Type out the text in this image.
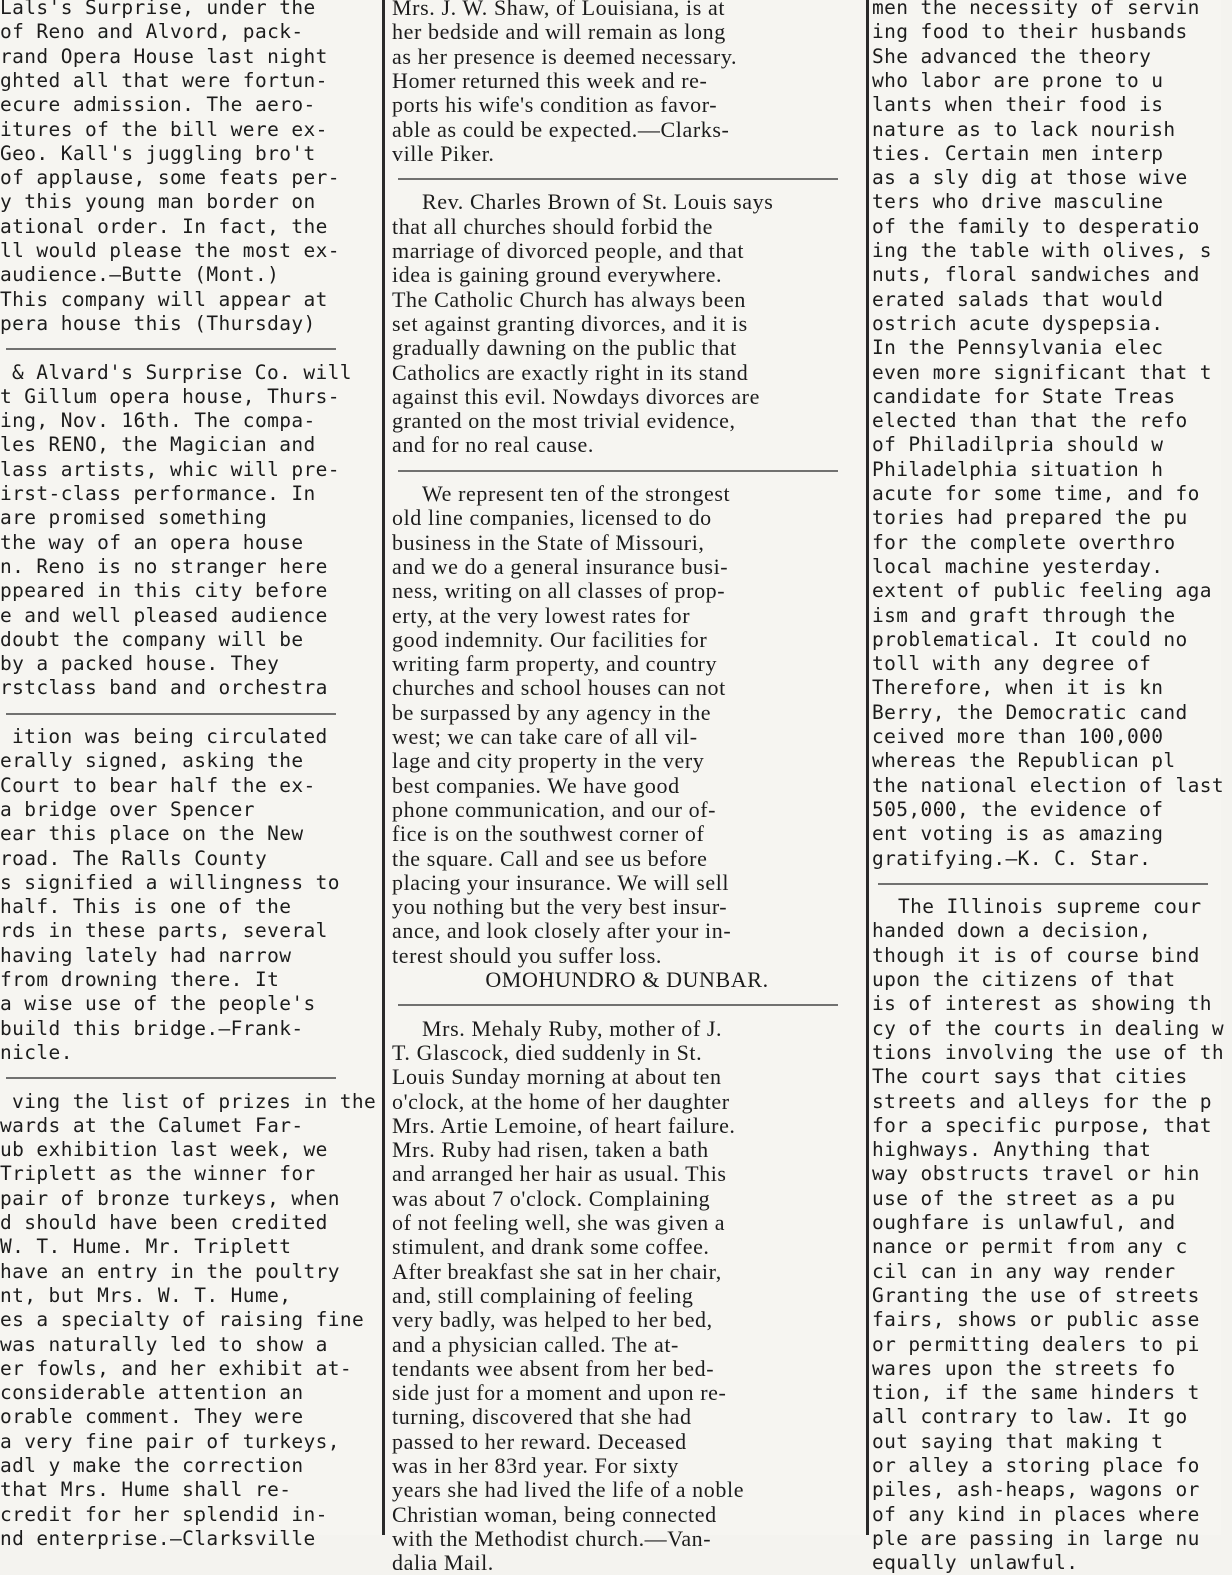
Lals's Surprise, under the
of Reno and Alvord, pack-
rand Opera House last night
ghted all that were fortun-
ecure admission. The aero-
itures of the bill were ex-
Geo. Kall's juggling bro't
of applause, some feats per-
y this young man border on
ational order. In fact, the
ll would please the most ex-
audience.—Butte (Mont.)
This company will appear at
pera house this (Thursday)
& Alvard's Surprise Co. will
t Gillum opera house, Thurs-
ing, Nov. 16th. The compa-
les RENO, the Magician and
lass artists, whic will pre-
irst-class performance. In
are promised something
the way of an opera house
n. Reno is no stranger here
ppeared in this city before
e and well pleased audience
doubt the company will be
by a packed house. They
rstclass band and orchestra
ition was being circulated
erally signed, asking the
Court to bear half the ex-
a bridge over Spencer
ear this place on the New
road. The Ralls County
s signified a willingness to
half. This is one of the
rds in these parts, several
having lately had narrow
from drowning there. It
a wise use of the people's
build this bridge.—Frank-
nicle.
ving the list of prizes in the
wards at the Calumet Far-
ub exhibition last week, we
Triplett as the winner for
pair of bronze turkeys, when
d should have been credited
W. T. Hume. Mr. Triplett
have an entry in the poultry
nt, but Mrs. W. T. Hume,
es a specialty of raising fine
was naturally led to show a
er fowls, and her exhibit at-
considerable attention an
orable comment. They were
a very fine pair of turkeys,
adl y make the correction
that Mrs. Hume shall re-
credit for her splendid in-
nd enterprise.—Clarksville
Mrs. J. W. Shaw, of Louisiana, is at
her bedside and will remain as long
as her presence is deemed necessary.
Homer returned this week and re-
ports his wife's condition as favor-
able as could be expected.—Clarks-
ville Piker.
Rev. Charles Brown of St. Louis says
that all churches should forbid the
marriage of divorced people, and that
idea is gaining ground everywhere.
The Catholic Church has always been
set against granting divorces, and it is
gradually dawning on the public that
Catholics are exactly right in its stand
against this evil. Nowdays divorces are
granted on the most trivial evidence,
and for no real cause.
We represent ten of the strongest
old line companies, licensed to do
business in the State of Missouri,
and we do a general insurance busi-
ness, writing on all classes of prop-
erty, at the very lowest rates for
good indemnity. Our facilities for
writing farm property, and country
churches and school houses can not
be surpassed by any agency in the
west; we can take care of all vil-
lage and city property in the very
best companies. We have good
phone communication, and our of-
fice is on the southwest corner of
the square. Call and see us before
placing your insurance. We will sell
you nothing but the very best insur-
ance, and look closely after your in-
terest should you suffer loss.
OMOHUNDRO & DUNBAR.
Mrs. Mehaly Ruby, mother of J.
T. Glascock, died suddenly in St.
Louis Sunday morning at about ten
o'clock, at the home of her daughter
Mrs. Artie Lemoine, of heart failure.
Mrs. Ruby had risen, taken a bath
and arranged her hair as usual. This
was about 7 o'clock. Complaining
of not feeling well, she was given a
stimulent, and drank some coffee.
After breakfast she sat in her chair,
and, still complaining of feeling
very badly, was helped to her bed,
and a physician called. The at-
tendants wee absent from her bed-
side just for a moment and upon re-
turning, discovered that she had
passed to her reward. Deceased
was in her 83rd year. For sixty
years she had lived the life of a noble
Christian woman, being connected
with the Methodist church.—Van-
dalia Mail.
men the necessity of servin
ing food to their husbands
She advanced the theory
who labor are prone to u
lants when their food is
nature as to lack nourish
ties. Certain men interp
as a sly dig at those wive
ters who drive masculine
of the family to desperatio
ing the table with olives, s
nuts, floral sandwiches and
erated salads that would
ostrich acute dyspepsia.
In the Pennsylvania elec
even more significant that t
candidate for State Treas
elected than that the refo
of Philadilpria should w
Philadelphia situation h
acute for some time, and fo
tories had prepared the pu
for the complete overthro
local machine yesterday.
extent of public feeling aga
ism and graft through the
problematical. It could no
toll with any degree of
Therefore, when it is kn
Berry, the Democratic cand
ceived more than 100,000
whereas the Republican pl
the national election of last
505,000, the evidence of
ent voting is as amazing
gratifying.—K. C. Star.
The Illinois supreme cour
handed down a decision,
though it is of course bind
upon the citizens of that
is of interest as showing th
cy of the courts in dealing w
tions involving the use of th
The court says that cities
streets and alleys for the p
for a specific purpose, that
highways. Anything that
way obstructs travel or hin
use of the street as a pu
oughfare is unlawful, and
nance or permit from any c
cil can in any way render
Granting the use of streets
fairs, shows or public asse
or permitting dealers to pi
wares upon the streets fo
tion, if the same hinders t
all contrary to law. It go
out saying that making t
or alley a storing place fo
piles, ash-heaps, wagons or
of any kind in places where
ple are passing in large nu
equally unlawful.
